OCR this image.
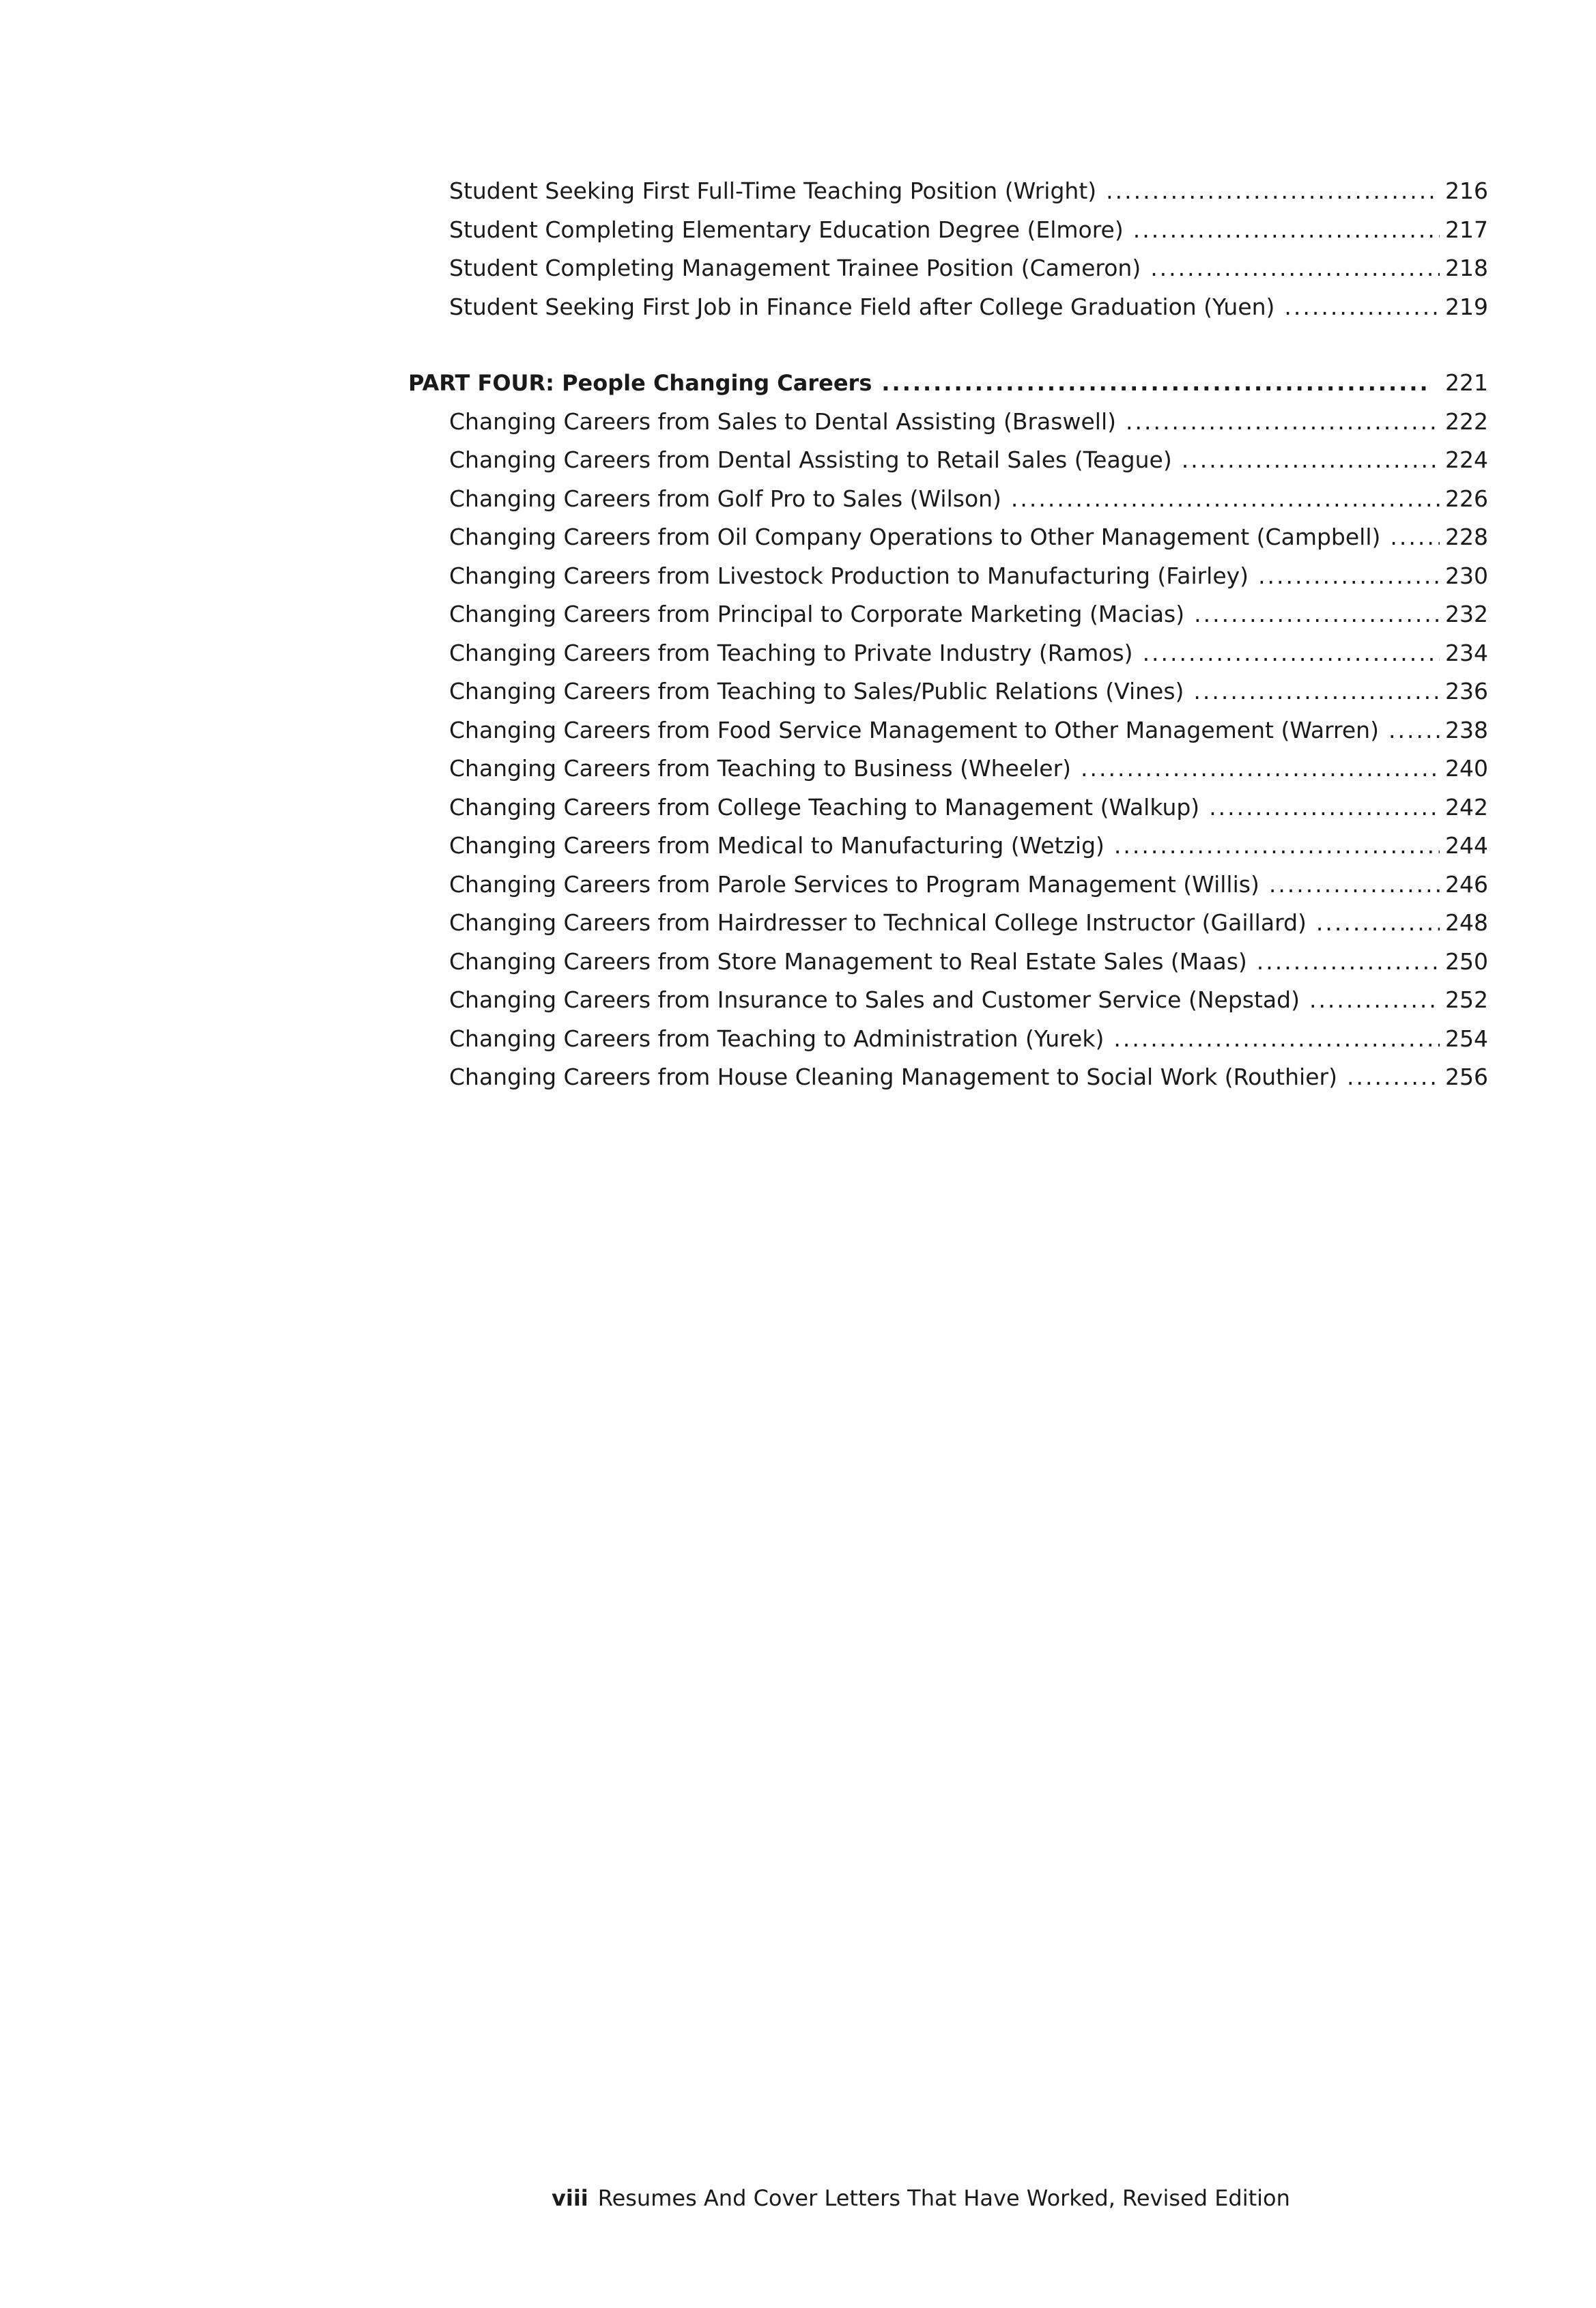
Student Seeking First Full-Time Teaching Position (Wright) .....	216
Student Completing Elementary Education Degree (Elmore) .....	217
Student Completing Management Trainee Position (Cameron) .....	218
Student Seeking First Job in Finance Field after College Graduation (Yuen) .....	219
PART FOUR: People Changing Careers .....	221
Changing Careers from Sales to Dental Assisting (Braswell) .....	222
Changing Careers from Dental Assisting to Retail Sales (Teague) .....	224
Changing Careers from Golf Pro to Sales (Wilson) .....	226
Changing Careers from Oil Company Operations to Other Management (Campbell) .....	228
Changing Careers from Livestock Production to Manufacturing (Fairley) .....	230
Changing Careers from Principal to Corporate Marketing (Macias) .....	232
Changing Careers from Teaching to Private Industry (Ramos) .....	234
Changing Careers from Teaching to Sales/Public Relations (Vines) .....	236
Changing Careers from Food Service Management to Other Management (Warren) .....	238
Changing Careers from Teaching to Business (Wheeler) .....	240
Changing Careers from College Teaching to Management (Walkup) .....	242
Changing Careers from Medical to Manufacturing (Wetzig) .....	244
Changing Careers from Parole Services to Program Management (Willis) .....	246
Changing Careers from Hairdresser to Technical College Instructor (Gaillard) .....	248
Changing Careers from Store Management to Real Estate Sales (Maas) .....	250
Changing Careers from Insurance to Sales and Customer Service (Nepstad) .....	252
Changing Careers from Teaching to Administration (Yurek) .....	254
Changing Careers from House Cleaning Management to Social Work (Routhier) .....	256
viii Resumes And Cover Letters That Have Worked, Revised Edition
